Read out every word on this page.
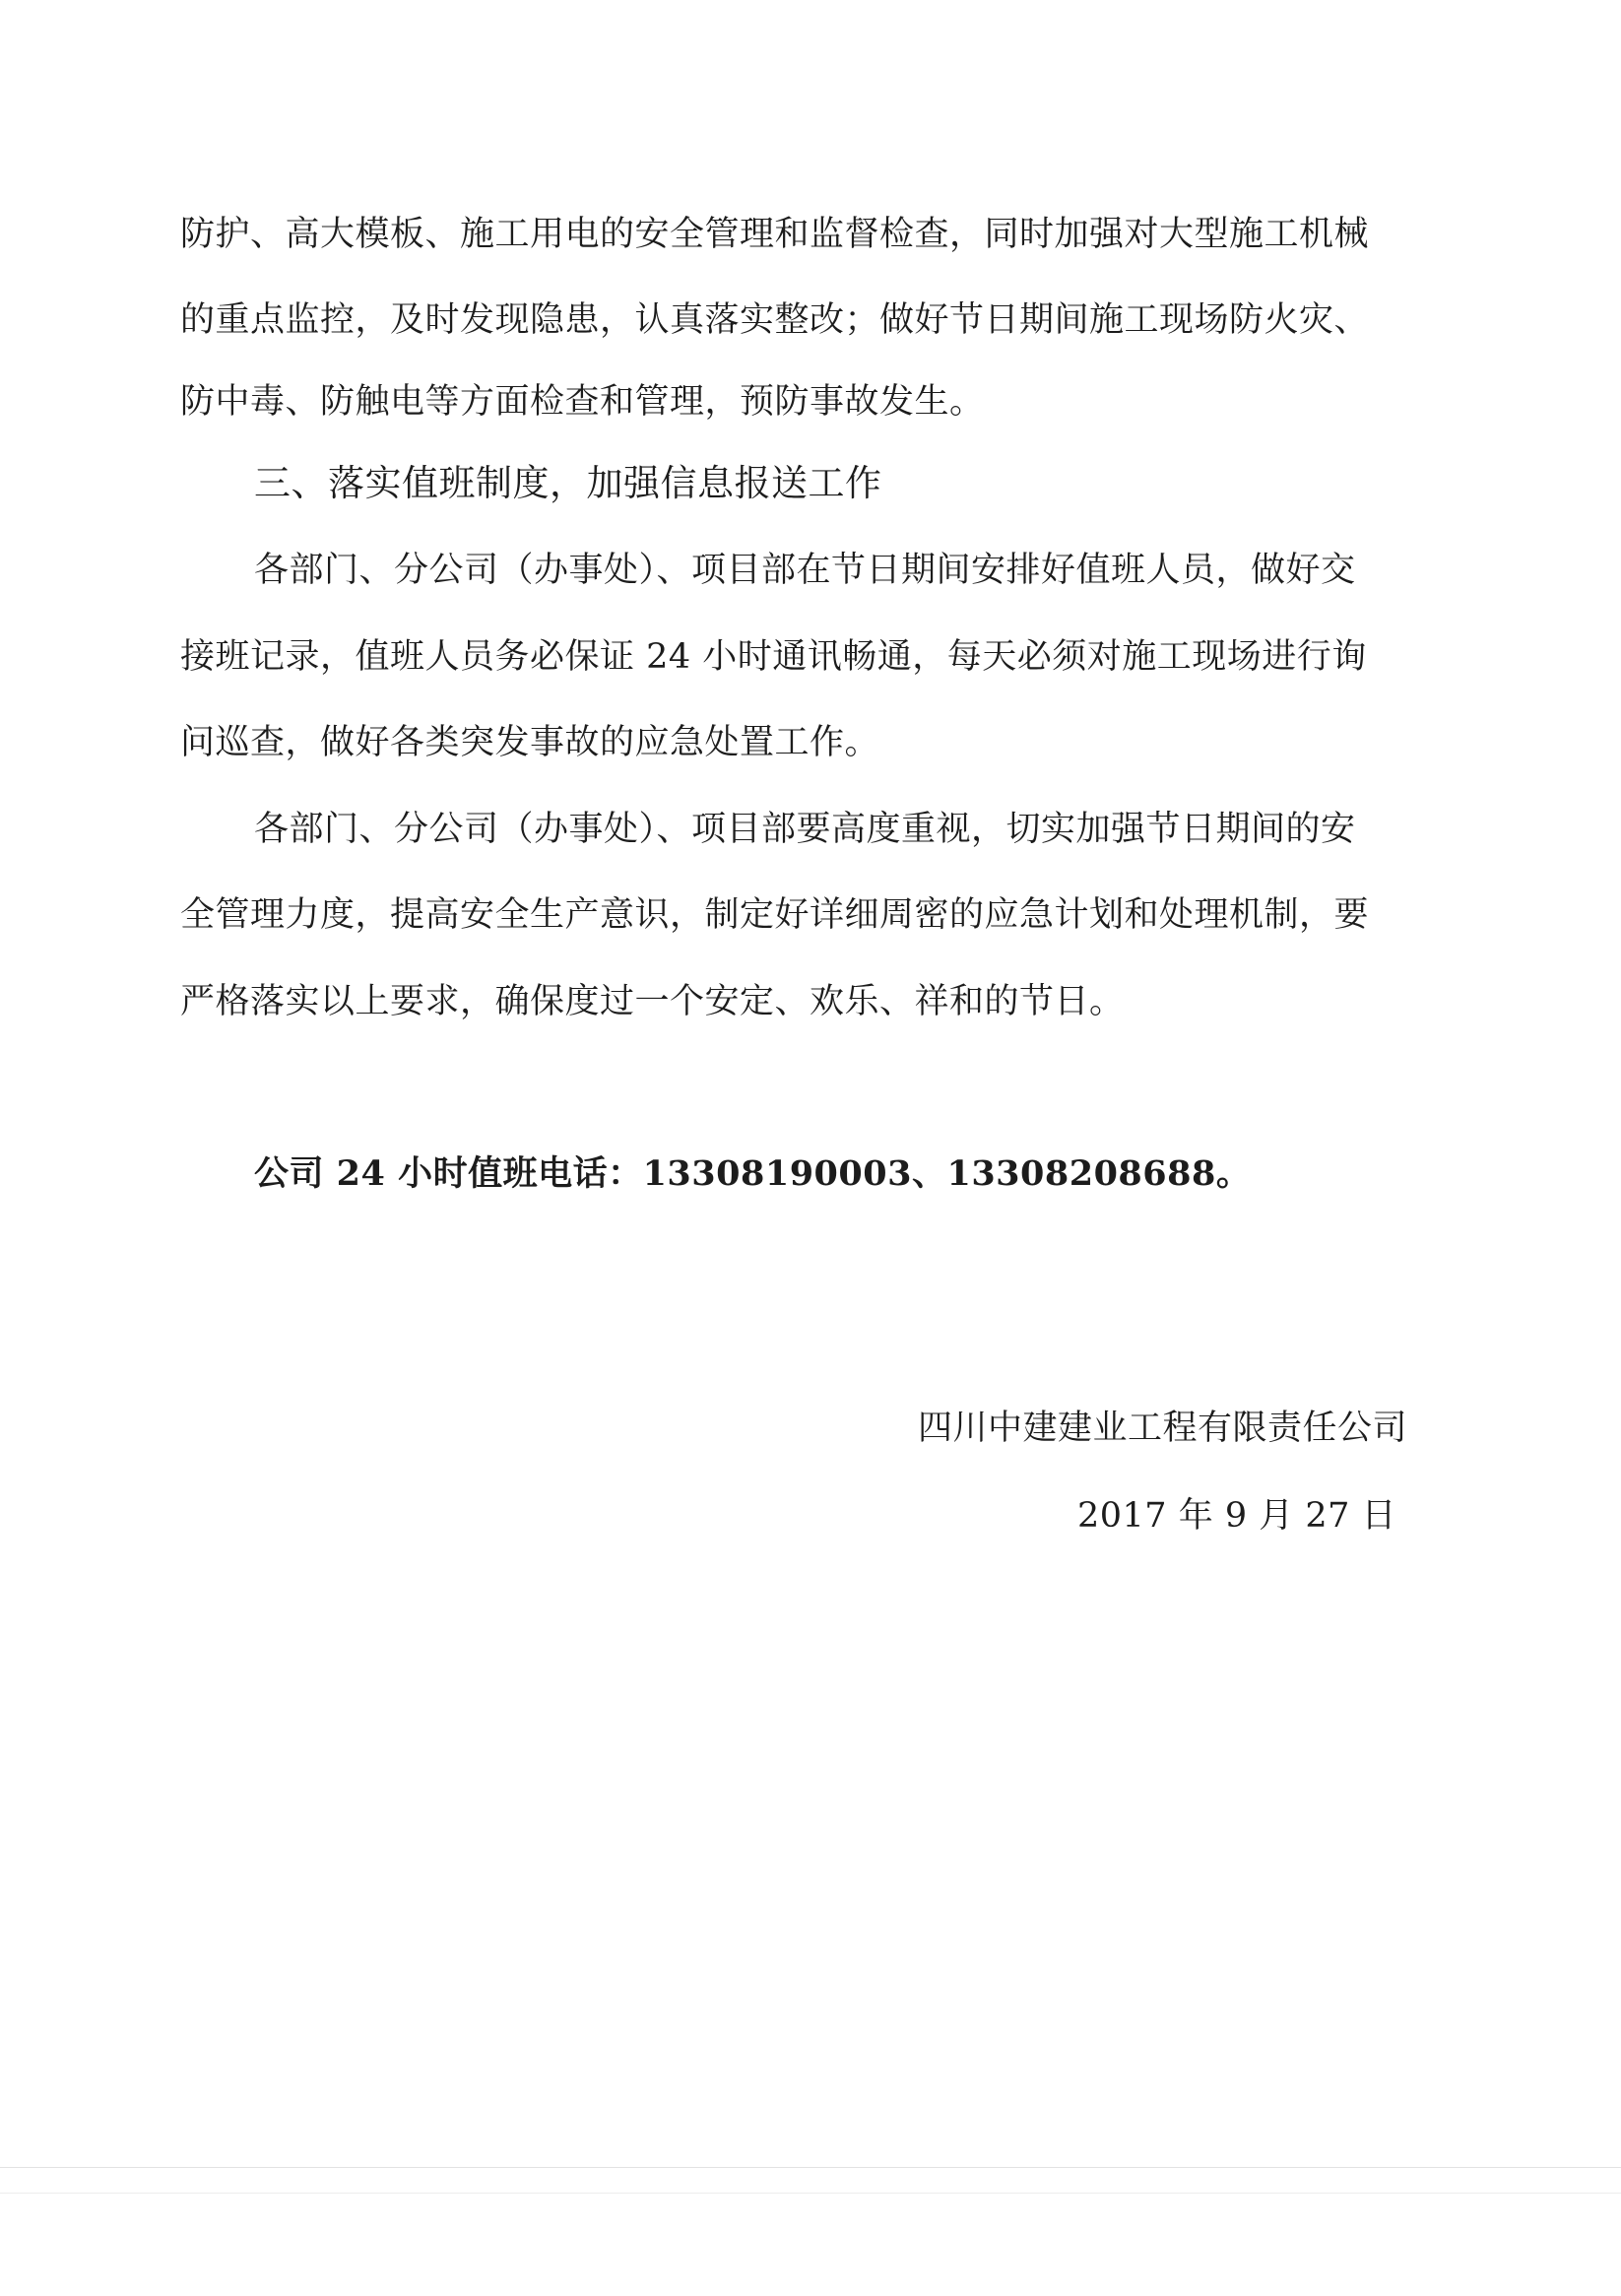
防护、高大模板、施工用电的安全管理和监督检查，同时加强对大型施工机械
的重点监控，及时发现隐患，认真落实整改；做好节日期间施工现场防火灾、
防中毒、防触电等方面检查和管理，预防事故发生。
三、落实值班制度，加强信息报送工作
各部门、分公司（办事处）、项目部在节日期间安排好值班人员，做好交
接班记录，值班人员务必保证 24 小时通讯畅通，每天必须对施工现场进行询
问巡查，做好各类突发事故的应急处置工作。
各部门、分公司（办事处）、项目部要高度重视，切实加强节日期间的安
全管理力度，提高安全生产意识，制定好详细周密的应急计划和处理机制，要
严格落实以上要求，确保度过一个安定、欢乐、祥和的节日。
公司 24 小时值班电话：13308190003、13308208688。
四川中建建业工程有限责任公司
2017 年 9 月 27 日
